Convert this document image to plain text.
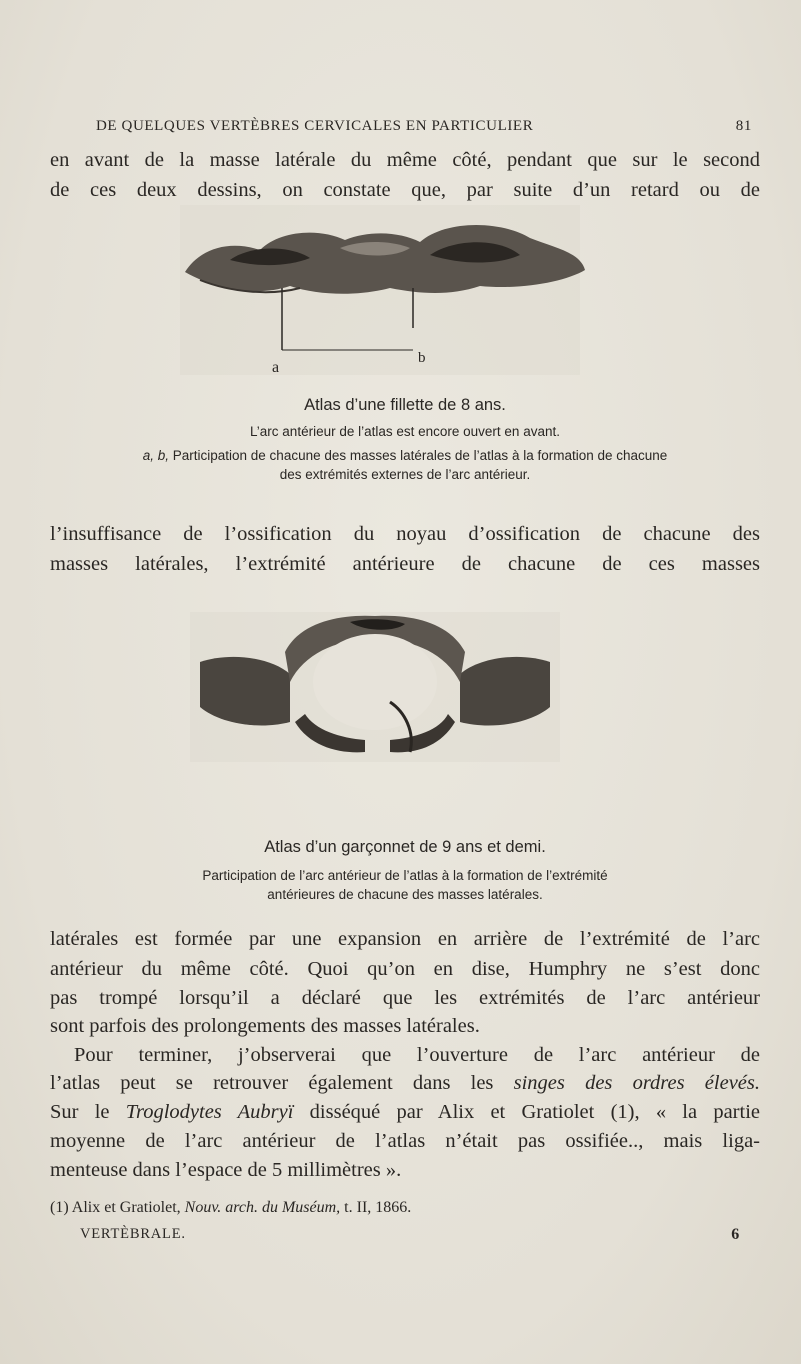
DE QUELQUES VERTÈBRES CERVICALES EN PARTICULIER	81

en avant de la masse latérale du même côté, pendant que sur le second

de ces deux dessins, on constate que, par suite d’un retard ou de

a
b
Atlas d’une fillette de 8 ans.
L’arc antérieur de l’atlas est encore ouvert en avant.
a, b, Participation de chacune des masses latérales de l’atlas à la formation de chacune
des extrémités externes de l’arc antérieur.

l’insuffisance de l’ossification du noyau d’ossification de chacune des

masses latérales, l’extrémité antérieure de chacune de ces masses

Atlas d’un garçonnet de 9 ans et demi.
Participation de l’arc antérieur de l’atlas à la formation de l’extrémité
antérieures de chacune des masses latérales.

latérales est formée par une expansion en arrière de l’extrémité de l’arc

antérieur du même côté. Quoi qu’on en dise, Humphry ne s’est donc

pas trompé lorsqu’il a déclaré que les extrémités de l’arc antérieur

sont parfois des prolongements des masses latérales.

Pour terminer, j’observerai que l’ouverture de l’arc antérieur de

l’atlas peut se retrouver également dans les singes des ordres élevés.

Sur le Troglodytes Aubryï disséqué par Alix et Gratiolet (1), « la partie

moyenne de l’arc antérieur de l’atlas n’était pas ossifiée.., mais liga-

menteuse dans l’espace de 5 millimètres ».

(1) Alix et Gratiolet, Nouv. arch. du Muséum, t. II, 1866.
VERTÈBRALE.	6
